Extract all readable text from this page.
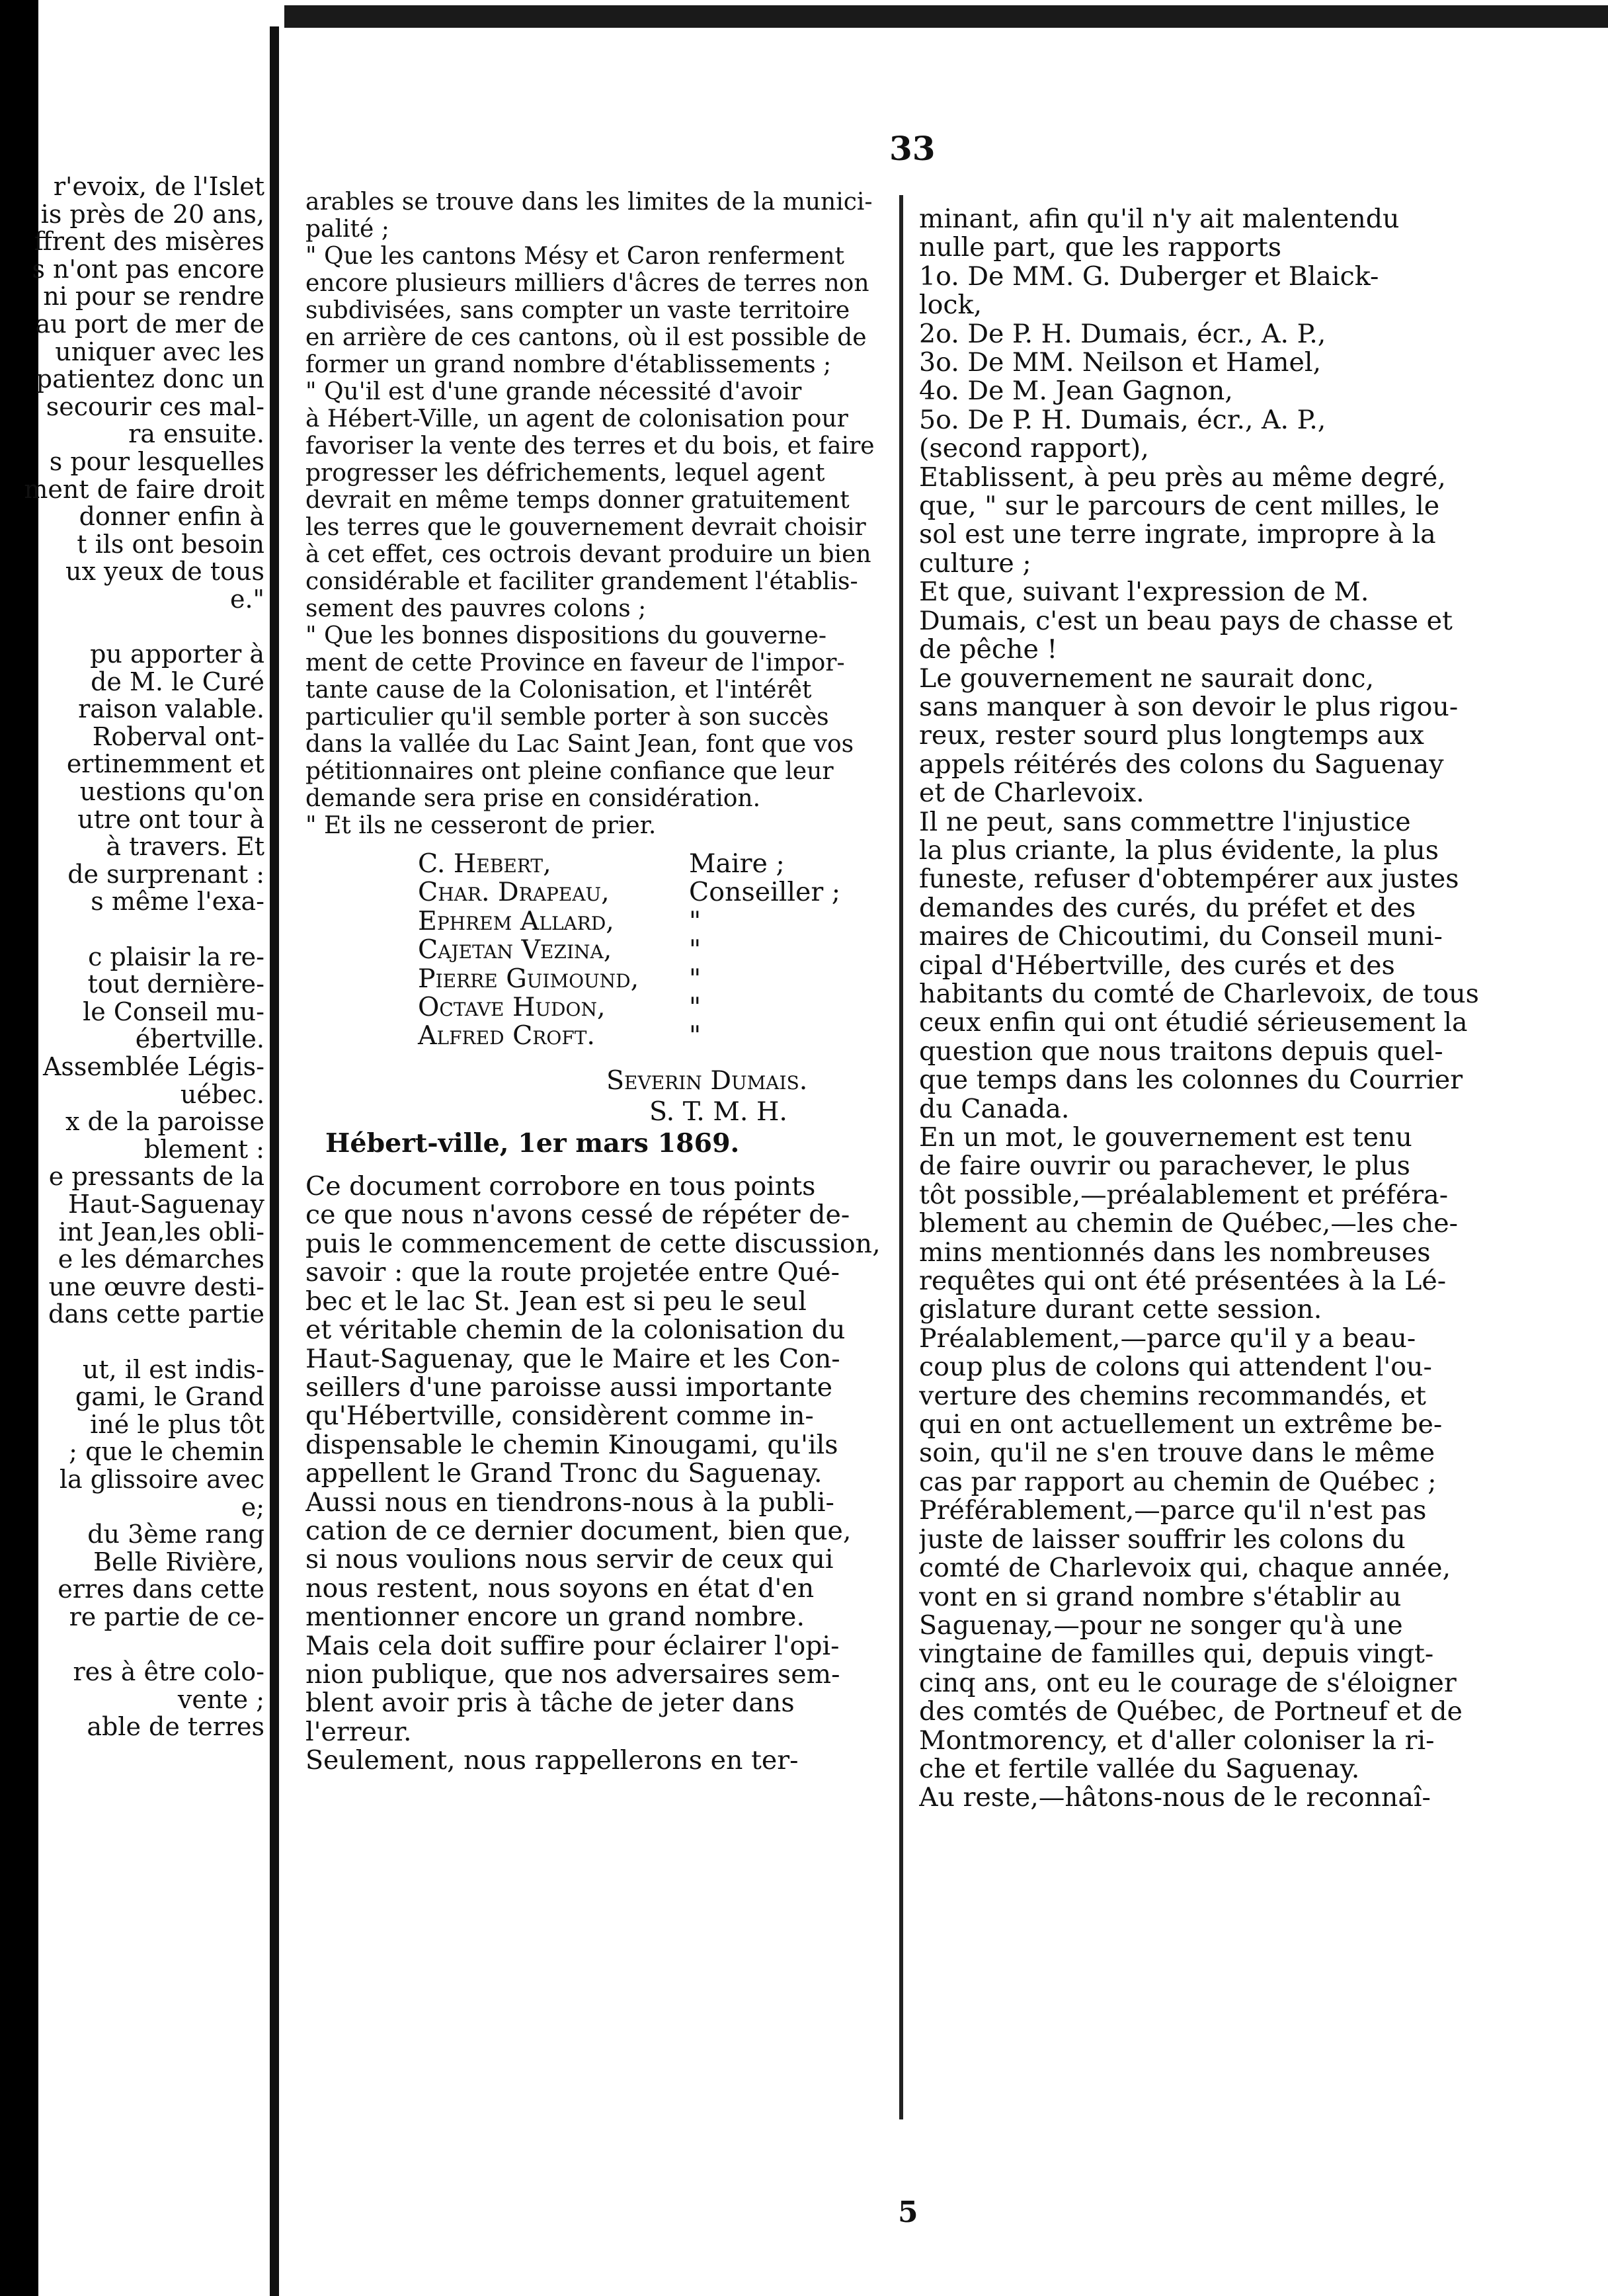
33
r'evoix, de l'Islet
is près de 20 ans,
ffrent des misères
s n'ont pas encore
ni pour se rendre
au port de mer de
uniquer avec les
patientez donc un
secourir ces mal-
ra ensuite.
s pour lesquelles
ment de faire droit
donner enfin à
t ils ont besoin
ux yeux de tous
e."

pu apporter à
de M. le Curé
raison valable.
Roberval ont-
ertinemment et
uestions qu'on
utre ont tour à
à travers. Et
de surprenant :
s même l'exa-

c plaisir la re-
tout dernière-
le Conseil mu-
ébertville.
Assemblée Légis-
uébec.
x de la paroisse
blement :
e pressants de la
Haut-Saguenay
int Jean,les obli-
e les démarches
une œuvre desti-
dans cette partie

ut, il est indis-
gami, le Grand
iné le plus tôt
; que le chemin
la glissoire avec
e;
du 3ème rang
Belle Rivière,
erres dans cette
re partie de ce-

res à être colo-
vente ;
able de terres
arables se trouve dans les limites de la munici-
palité ;
" Que les cantons Mésy et Caron renferment
encore plusieurs milliers d'âcres de terres non
subdivisées, sans compter un vaste territoire
en arrière de ces cantons, où il est possible de
former un grand nombre d'établissements ;
" Qu'il est d'une grande nécessité d'avoir
à Hébert-Ville, un agent de colonisation pour
favoriser la vente des terres et du bois, et faire
progresser les défrichements, lequel agent
devrait en même temps donner gratuitement
les terres que le gouvernement devrait choisir
à cet effet, ces octrois devant produire un bien
considérable et faciliter grandement l'établis-
sement des pauvres colons ;
" Que les bonnes dispositions du gouverne-
ment de cette Province en faveur de l'impor-
tante cause de la Colonisation, et l'intérêt
particulier qu'il semble porter à son succès
dans la vallée du Lac Saint Jean, font que vos
pétitionnaires ont pleine confiance que leur
demande sera prise en considération.
" Et ils ne cesseront de prier.
C. Hebert,	Maire ;
Char. Drapeau,	Conseiller ;
Ephrem Allard,	"
Cajetan Vezina,	"
Pierre Guimound,	"
Octave Hudon,	"
Alfred Croft.	"
Severin Dumais.
S. T. M. H.
Hébert-ville, 1er mars 1869.
Ce document corrobore en tous points
ce que nous n'avons cessé de répéter de-
puis le commencement de cette discussion,
savoir : que la route projetée entre Qué-
bec et le lac St. Jean est si peu le seul
et véritable chemin de la colonisation du
Haut-Saguenay, que le Maire et les Con-
seillers d'une paroisse aussi importante
qu'Hébertville, considèrent comme in-
dispensable le chemin Kinougami, qu'ils
appellent le Grand Tronc du Saguenay.
Aussi nous en tiendrons-nous à la publi-
cation de ce dernier document, bien que,
si nous voulions nous servir de ceux qui
nous restent, nous soyons en état d'en
mentionner encore un grand nombre.
Mais cela doit suffire pour éclairer l'opi-
nion publique, que nos adversaires sem-
blent avoir pris à tâche de jeter dans
l'erreur.
Seulement, nous rappellerons en ter-
minant, afin qu'il n'y ait malentendu
nulle part, que les rapports
1o. De MM. G. Duberger et Blaick-
lock,
2o. De P. H. Dumais, écr., A. P.,
3o. De MM. Neilson et Hamel,
4o. De M. Jean Gagnon,
5o. De P. H. Dumais, écr., A. P.,
(second rapport),
Etablissent, à peu près au même degré,
que, " sur le parcours de cent milles, le
sol est une terre ingrate, impropre à la
culture ;
Et que, suivant l'expression de M.
Dumais, c'est un beau pays de chasse et
de pêche !
Le gouvernement ne saurait donc,
sans manquer à son devoir le plus rigou-
reux, rester sourd plus longtemps aux
appels réitérés des colons du Saguenay
et de Charlevoix.
Il ne peut, sans commettre l'injustice
la plus criante, la plus évidente, la plus
funeste, refuser d'obtempérer aux justes
demandes des curés, du préfet et des
maires de Chicoutimi, du Conseil muni-
cipal d'Hébertville, des curés et des
habitants du comté de Charlevoix, de tous
ceux enfin qui ont étudié sérieusement la
question que nous traitons depuis quel-
que temps dans les colonnes du Courrier
du Canada.
En un mot, le gouvernement est tenu
de faire ouvrir ou parachever, le plus
tôt possible,—préalablement et préféra-
blement au chemin de Québec,—les che-
mins mentionnés dans les nombreuses
requêtes qui ont été présentées à la Lé-
gislature durant cette session.
Préalablement,—parce qu'il y a beau-
coup plus de colons qui attendent l'ou-
verture des chemins recommandés, et
qui en ont actuellement un extrême be-
soin, qu'il ne s'en trouve dans le même
cas par rapport au chemin de Québec ;
Préférablement,—parce qu'il n'est pas
juste de laisser souffrir les colons du
comté de Charlevoix qui, chaque année,
vont en si grand nombre s'établir au
Saguenay,—pour ne songer qu'à une
vingtaine de familles qui, depuis vingt-
cinq ans, ont eu le courage de s'éloigner
des comtés de Québec, de Portneuf et de
Montmorency, et d'aller coloniser la ri-
che et fertile vallée du Saguenay.
Au reste,—hâtons-nous de le reconnaî-
5
